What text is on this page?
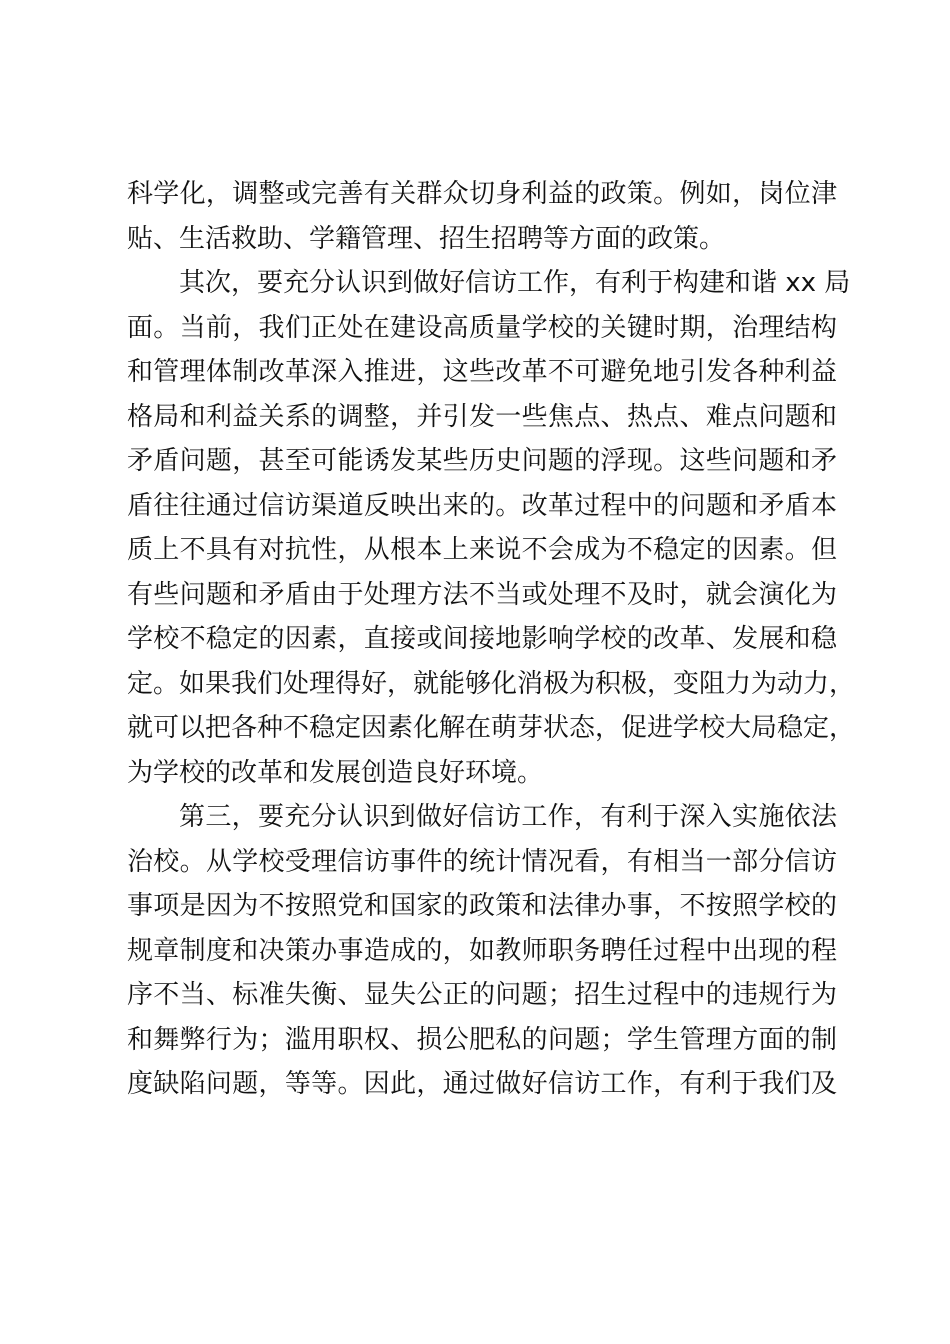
科学化，调整或完善有关群众切身利益的政策。例如，岗位津
贴、生活救助、学籍管理、招生招聘等方面的政策。
其次，要充分认识到做好信访工作，有利于构建和谐 xx 局
面。当前，我们正处在建设高质量学校的关键时期，治理结构
和管理体制改革深入推进，这些改革不可避免地引发各种利益
格局和利益关系的调整，并引发一些焦点、热点、难点问题和
矛盾问题，甚至可能诱发某些历史问题的浮现。这些问题和矛
盾往往通过信访渠道反映出来的。改革过程中的问题和矛盾本
质上不具有对抗性，从根本上来说不会成为不稳定的因素。但
有些问题和矛盾由于处理方法不当或处理不及时，就会演化为
学校不稳定的因素，直接或间接地影响学校的改革、发展和稳
定。如果我们处理得好，就能够化消极为积极，变阻力为动力，
就可以把各种不稳定因素化解在萌芽状态，促进学校大局稳定，
为学校的改革和发展创造良好环境。
第三，要充分认识到做好信访工作，有利于深入实施依法
治校。从学校受理信访事件的统计情况看，有相当一部分信访
事项是因为不按照党和国家的政策和法律办事，不按照学校的
规章制度和决策办事造成的，如教师职务聘任过程中出现的程
序不当、标准失衡、显失公正的问题；招生过程中的违规行为
和舞弊行为；滥用职权、损公肥私的问题；学生管理方面的制
度缺陷问题，等等。因此，通过做好信访工作，有利于我们及
